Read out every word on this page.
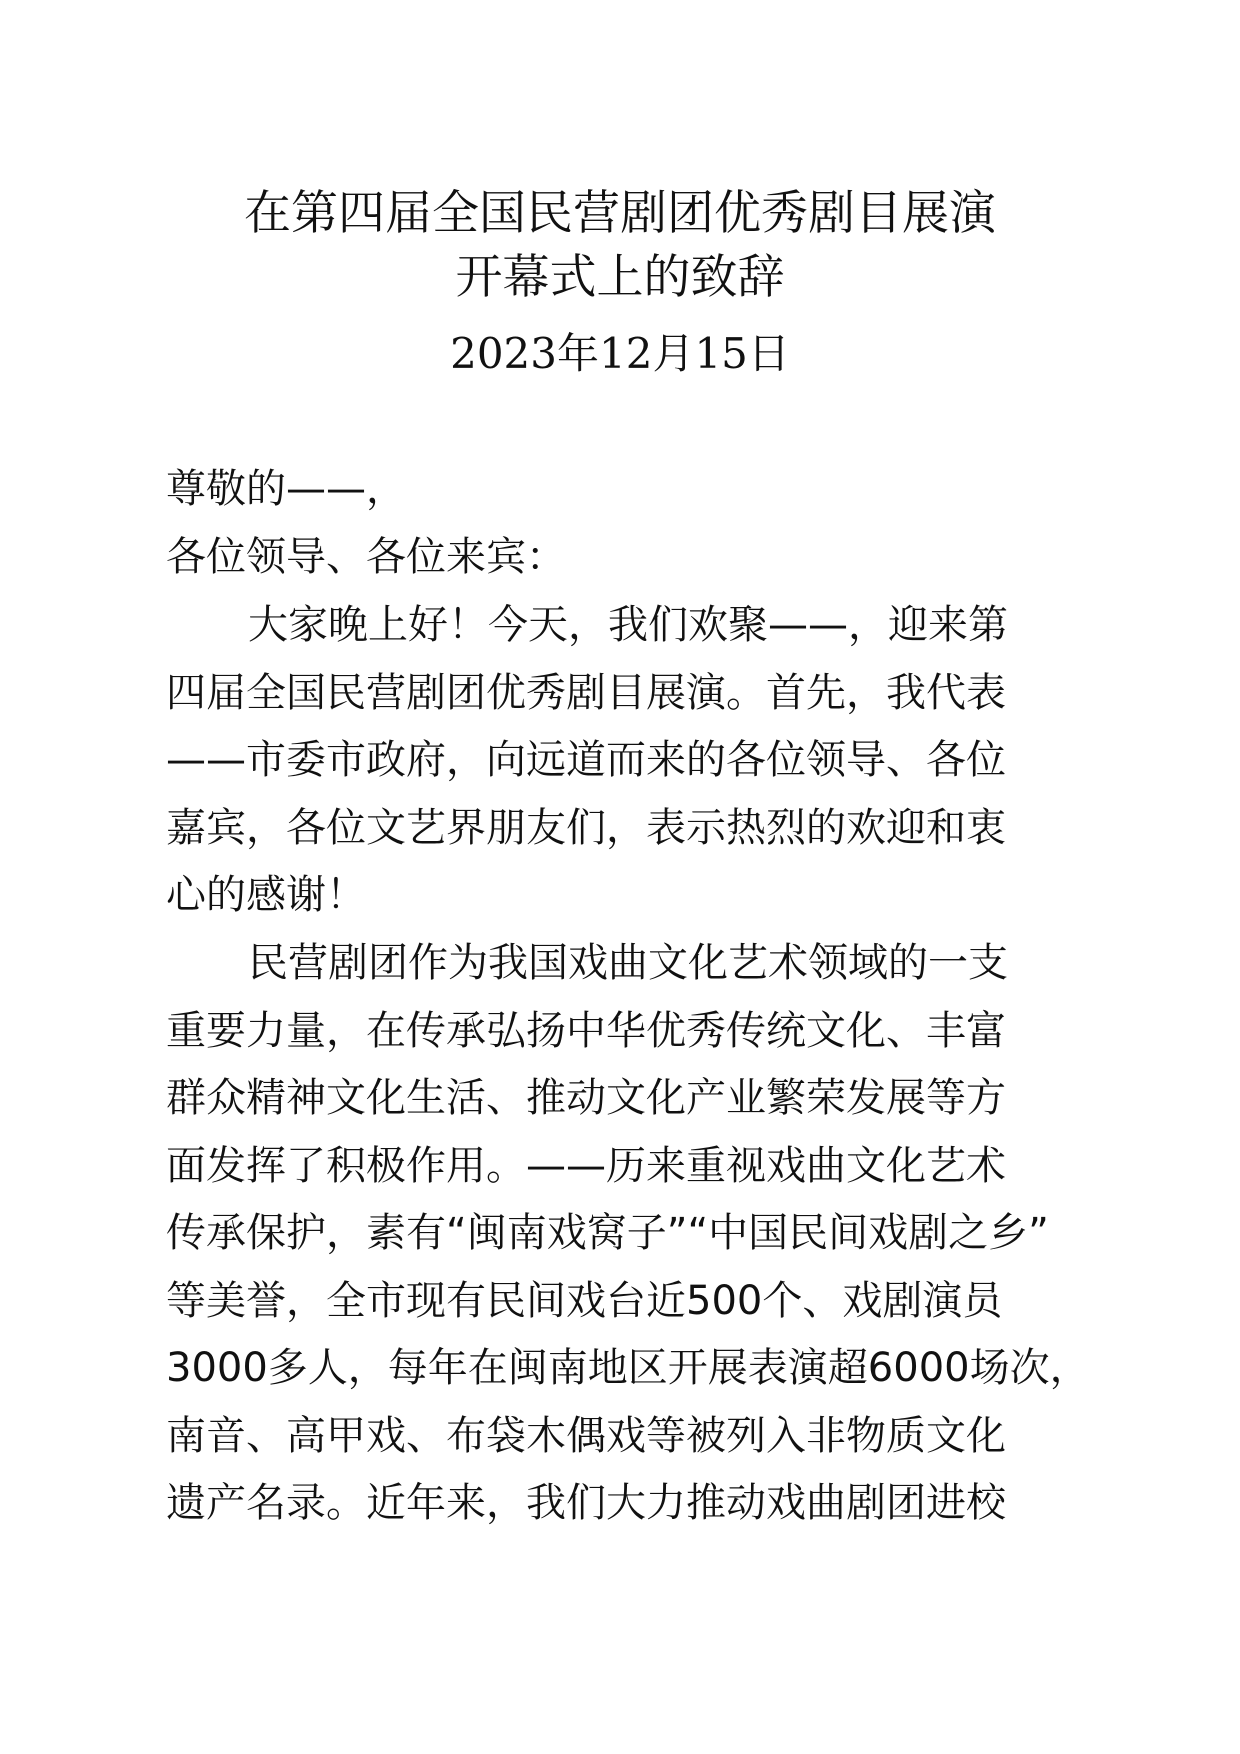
在第四届全国民营剧团优秀剧目展演
开幕式上的致辞
2023年12月15日
尊敬的——，
各位领导、各位来宾：
大家晚上好！今天，我们欢聚——，迎来第
四届全国民营剧团优秀剧目展演。首先，我代表
——市委市政府，向远道而来的各位领导、各位
嘉宾，各位文艺界朋友们，表示热烈的欢迎和衷
心的感谢！
民营剧团作为我国戏曲文化艺术领域的一支
重要力量，在传承弘扬中华优秀传统文化、丰富
群众精神文化生活、推动文化产业繁荣发展等方
面发挥了积极作用。——历来重视戏曲文化艺术
传承保护，素有“闽南戏窝子”“中国民间戏剧之乡”
等美誉，全市现有民间戏台近500个、戏剧演员
3000多人，每年在闽南地区开展表演超6000场次，
南音、高甲戏、布袋木偶戏等被列入非物质文化
遗产名录。近年来，我们大力推动戏曲剧团进校
